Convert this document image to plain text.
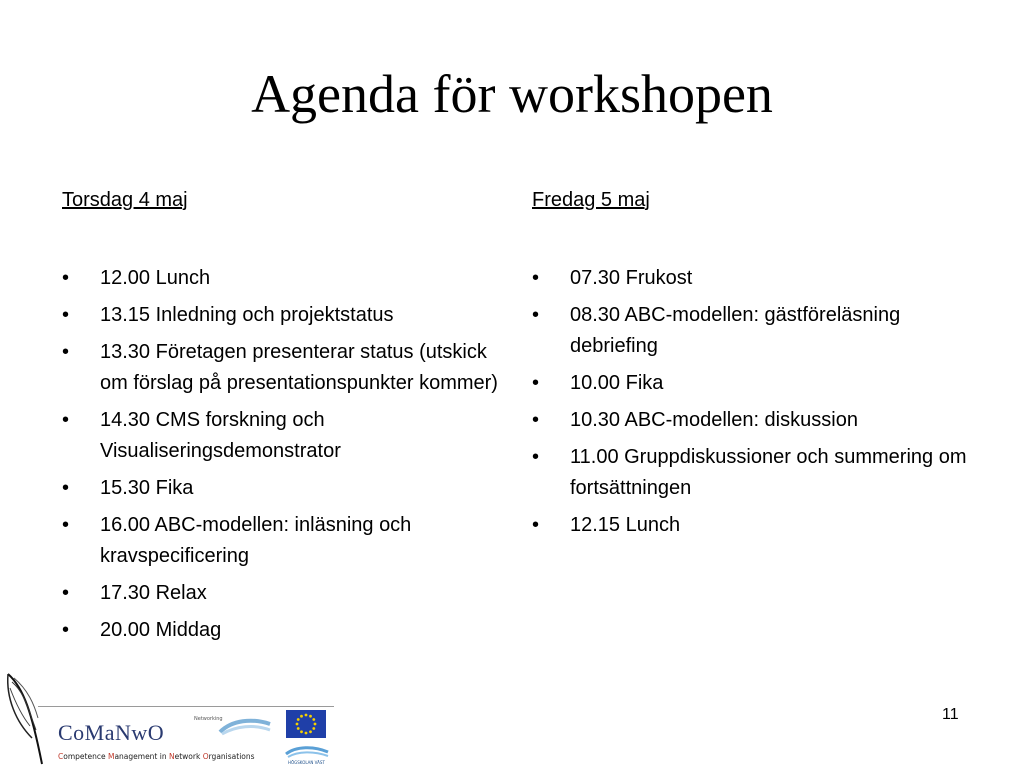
Agenda för workshopen
Torsdag 4 maj
• 12.00 Lunch
• 13.15 Inledning och projektstatus
• 13.30 Företagen presenterar status (utskick om förslag på presentationspunkter kommer)
• 14.30 CMS forskning och Visualiseringsdemonstrator
• 15.30 Fika
• 16.00 ABC-modellen: inläsning och kravspecificering
• 17.30 Relax
• 20.00 Middag
Fredag 5 maj
• 07.30 Frukost
• 08.30 ABC-modellen: gästföreläsning
debriefing
• 10.00 Fika
• 10.30 ABC-modellen: diskussion
• 11.00 Gruppdiskussioner och summering om fortsättningen
• 12.15 Lunch
11
CoMaNwO
Competence Management in Network Organisations
Networking
HÖGSKOLAN VÄST
